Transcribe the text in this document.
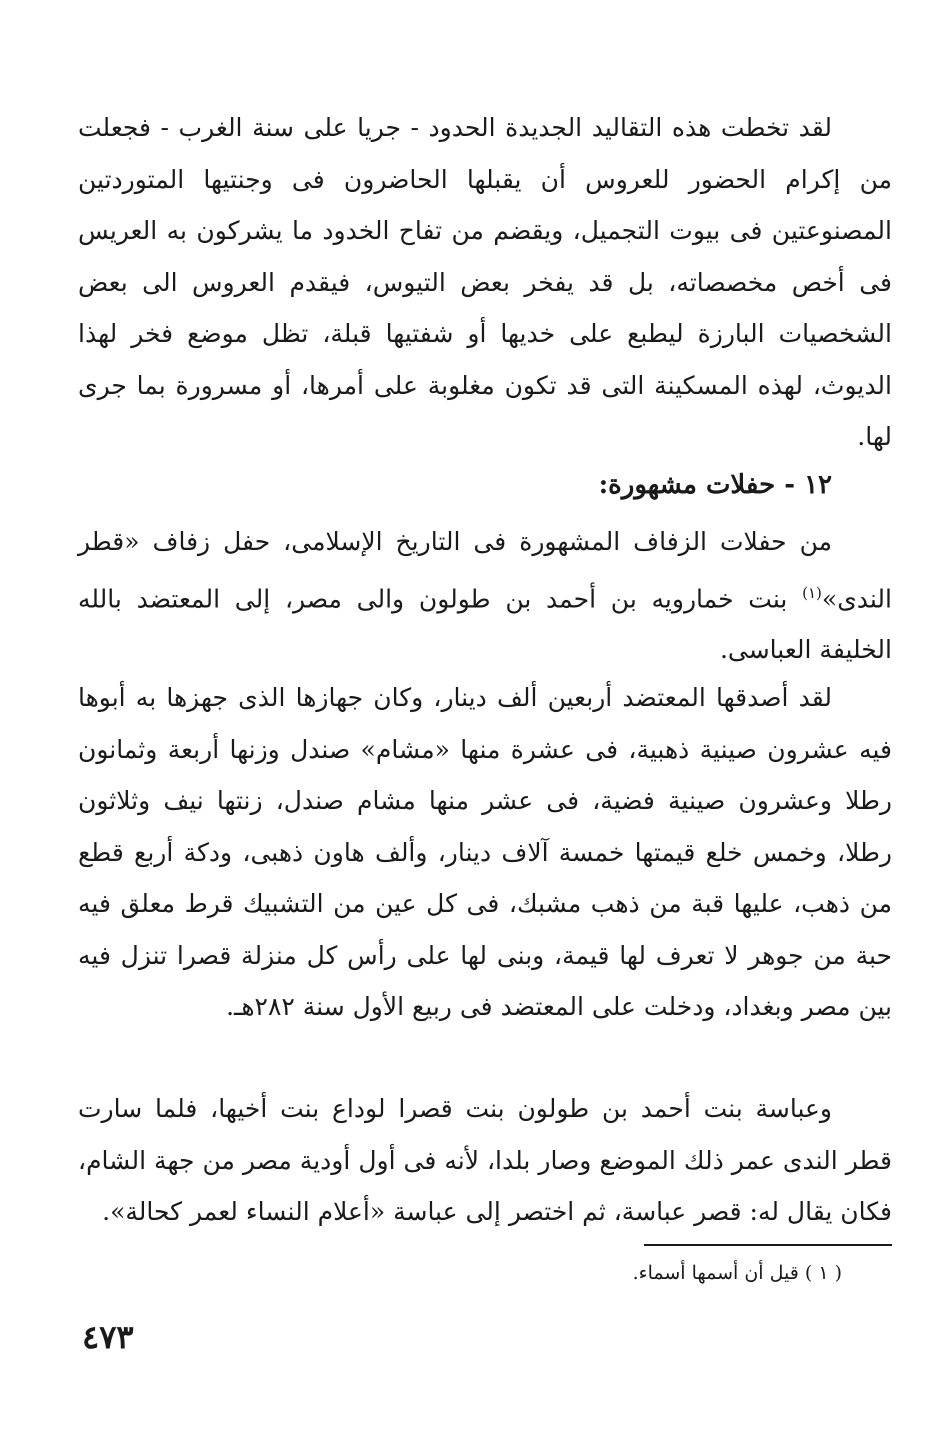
لقد تخطت هذه التقاليد الجديدة الحدود - جريا على سنة الغرب - فجعلت من إكرام الحضور للعروس أن يقبلها الحاضرون فى وجنتيها المتوردتين المصنوعتين فى بيوت التجميل، ويقضم من تفاح الخدود ما يشركون به العريس فى أخص مخصصاته، بل قد يفخر بعض التيوس، فيقدم العروس الى بعض الشخصيات البارزة ليطبع على خديها أو شفتيها قبلة، تظل موضع فخر لهذا الديوث، لهذه المسكينة التى قد تكون مغلوبة على أمرها، أو مسرورة بما جرى لها.

١٢ - حفلات مشهورة:

من حفلات الزفاف المشهورة فى التاريخ الإسلامى، حفل زفاف «قطر الندى»$^{(١)}$ بنت خمارويه بن أحمد بن طولون والى مصر، إلى المعتضد بالله الخليفة العباسى.

لقد أصدقها المعتضد أربعين ألف دينار، وكان جهازها الذى جهزها به أبوها فيه عشرون صينية ذهبية، فى عشرة منها «مشام» صندل وزنها أربعة وثمانون رطلا وعشرون صينية فضية، فى عشر منها مشام صندل، زنتها نيف وثلاثون رطلا، وخمس خلع قيمتها خمسة آلاف دينار، وألف هاون ذهبى، ودكة أربع قطع من ذهب، عليها قبة من ذهب مشبك، فى كل عين من التشبيك قرط معلق فيه حبة من جوهر لا تعرف لها قيمة، وبنى لها على رأس كل منزلة قصرا تنزل فيه بين مصر وبغداد، ودخلت على المعتضد فى ربيع الأول سنة ٢٨٢هـ.

وعباسة بنت أحمد بن طولون بنت قصرا لوداع بنت أخيها، فلما سارت قطر الندى عمر ذلك الموضع وصار بلدا، لأنه فى أول أودية مصر من جهة الشام، فكان يقال له: قصر عباسة، ثم اختصر إلى عباسة «أعلام النساء لعمر كحالة».

( ١ ) قيل أن أسمها أسماء.

٤٧٣
